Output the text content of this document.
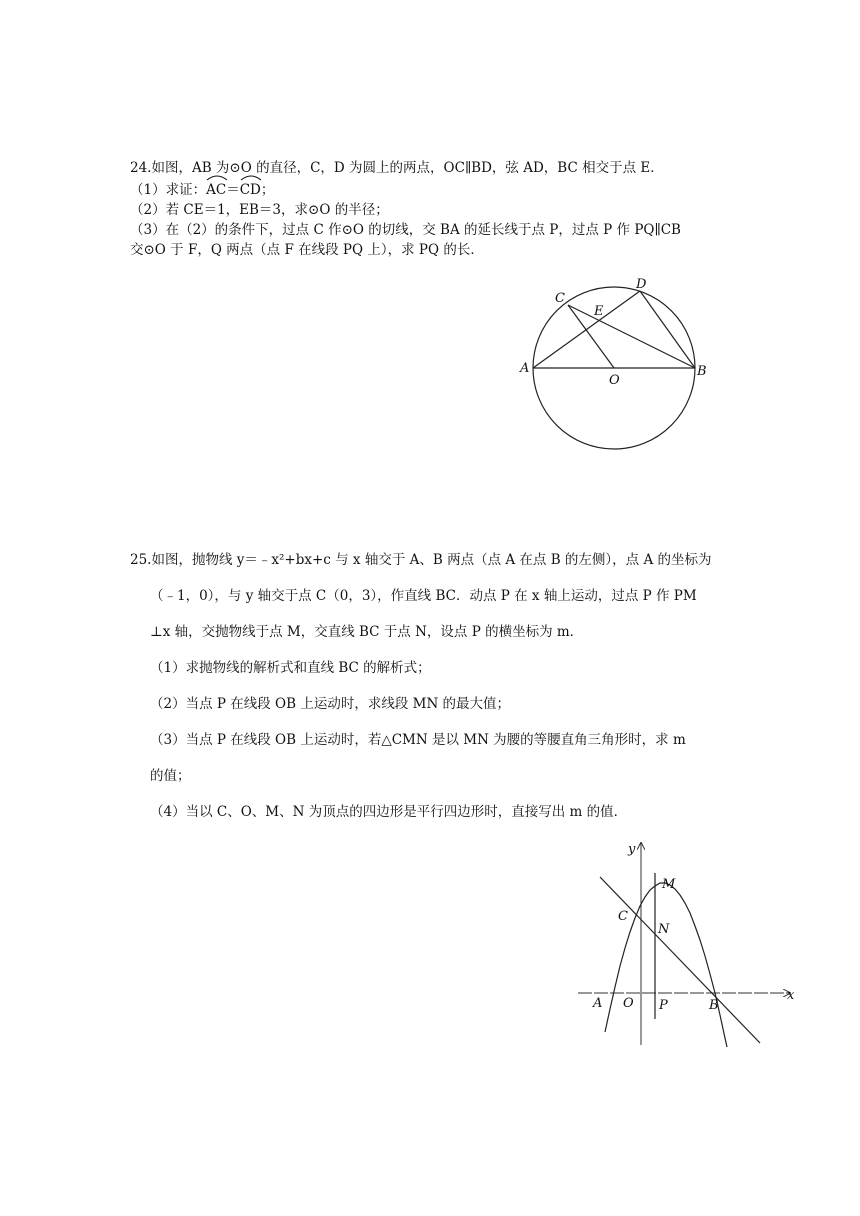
24.如图，AB 为⊙O 的直径，C，D 为圆上的两点，OC∥BD，弦 AD，BC 相交于点 E．
（1）求证：
AC＝
CD；
（2）若 CE＝1，EB＝3，求⊙O 的半径；
（3）在（2）的条件下，过点 C 作⊙O 的切线，交 BA 的延长线于点 P，过点 P 作 PQ∥CB
交⊙O 于 F，Q 两点（点 F 在线段 PQ 上），求 PQ 的长．
A	B
C
D
E
O
25.如图，抛物线 y＝﹣x²+bx+c 与 x 轴交于 A、B 两点（点 A 在点 B 的左侧），点 A 的坐标为
（﹣1，0），与 y 轴交于点 C（0，3），作直线 BC．动点 P 在 x 轴上运动，过点 P 作 PM
⊥x 轴，交抛物线于点 M，交直线 BC 于点 N，设点 P 的横坐标为 m．
（1）求抛物线的解析式和直线 BC 的解析式；
（2）当点 P 在线段 OB 上运动时，求线段 MN 的最大值；
（3）当点 P 在线段 OB 上运动时，若△CMN 是以 MN 为腰的等腰直角三角形时，求 m
的值；
（4）当以 C、O、M、N 为顶点的四边形是平行四边形时，直接写出 m 的值．
y
x
M
C
N
A O P	B
